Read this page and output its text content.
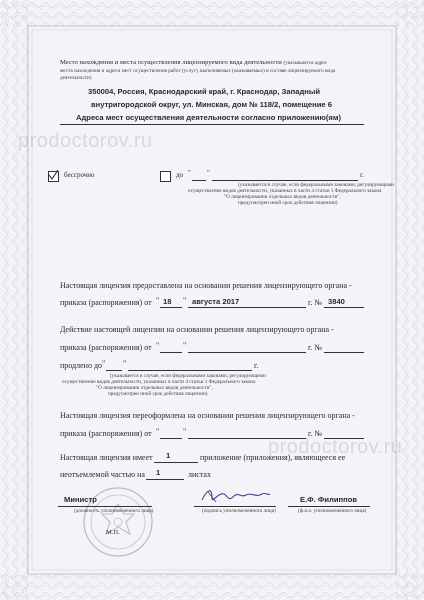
prodoctorov.ru
prodoctorov.ru
Место нахождения и места осуществления лицензируемого вида деятельности (указываются адрес
места нахождения и адреса мест осуществления работ (услуг), выполняемых (оказываемых) в составе лицензируемого вида
деятельности)
350004, Россия, Краснодарский край, г. Краснодар, Западный
внутригородской округ, ул. Минская, дом № 118/2, помещение 6
Адреса мест осуществления деятельности согласно приложению(ям)
бессрочно	до " "	г.
(указывается в случае, если федеральными законами, регулирующими
осуществление видов деятельности, указанных в части 4 статьи 1 Федерального закона
"О лицензировании отдельных видов деятельности",
предусмотрен иной срок действия лицензии)
Настоящая лицензия предоставлена на основании решения лицензирующего органа -
приказа (распоряжения) от " 18 " августа 2017	г. № 3840
Действие настоящей лицензии на основании решения лицензирующего органа -
приказа (распоряжения) от "	"	г. №
продлено до " "	г.
(указывается в случае, если федеральными законами, регулирующими
осуществление видов деятельности, указанных в части 4 статьи 1 Федерального закона
"О лицензировании отдельных видов деятельности",
предусмотрен иной срок действия лицензии)
Настоящая лицензия переоформлена на основании решения лицензирующего органа -
приказа (распоряжения) от "	"	г. №
Настоящая лицензия имеет 1	приложение (приложения), являющееся ее
неотъемлемой частью на 1	листах
Министр
(должность уполномоченного лица)	(подпись уполномоченного лица)
Е.Ф. Филиппов
(ф.и.о. уполномоченного лица)
М.П.
